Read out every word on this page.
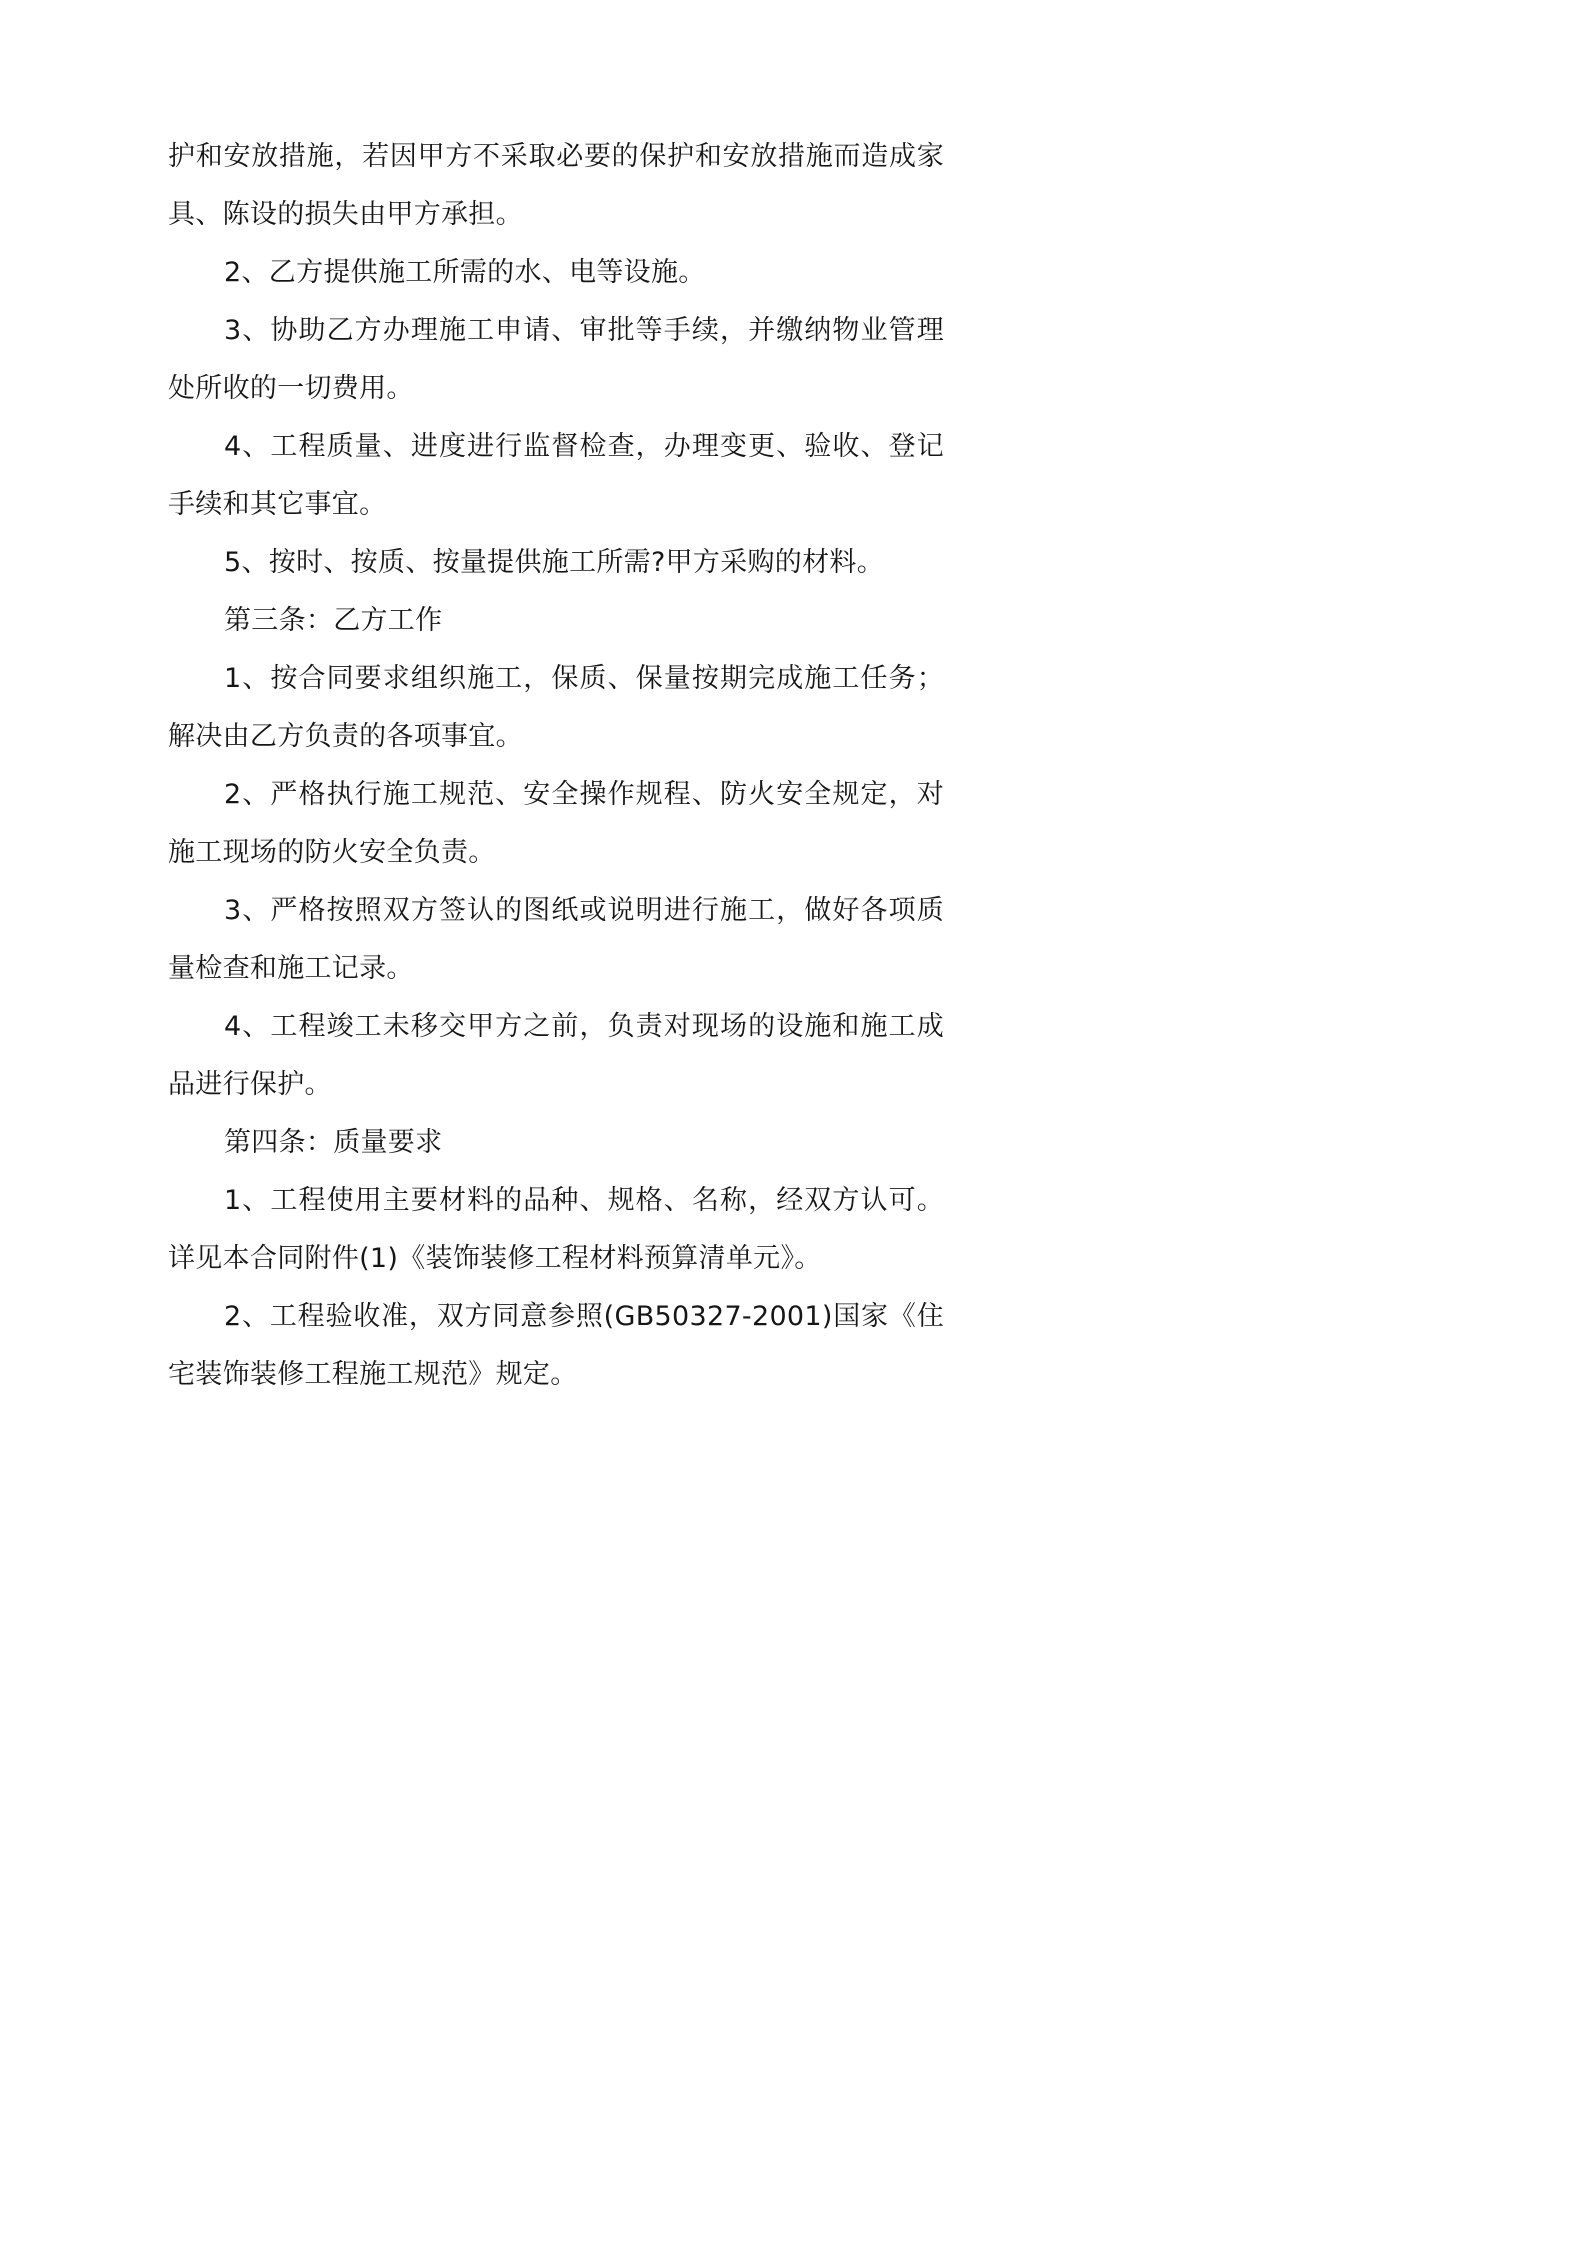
护和安放措施，若因甲方不采取必要的保护和安放措施而造成家具、陈设的损失由甲方承担。

2、乙方提供施工所需的水、电等设施。

3、协助乙方办理施工申请、审批等手续，并缴纳物业管理处所收的一切费用。

4、工程质量、进度进行监督检查，办理变更、验收、登记手续和其它事宜。

5、按时、按质、按量提供施工所需?甲方采购的材料。

第三条：乙方工作

1、按合同要求组织施工，保质、保量按期完成施工任务；解决由乙方负责的各项事宜。

2、严格执行施工规范、安全操作规程、防火安全规定，对施工现场的防火安全负责。

3、严格按照双方签认的图纸或说明进行施工，做好各项质量检查和施工记录。

4、工程竣工未移交甲方之前，负责对现场的设施和施工成品进行保护。

第四条：质量要求

1、工程使用主要材料的品种、规格、名称，经双方认可。详见本合同附件(1)《装饰装修工程材料预算清单元》。

2、工程验收准，双方同意参照(GB50327-2001)国家《住宅装饰装修工程施工规范》规定。
